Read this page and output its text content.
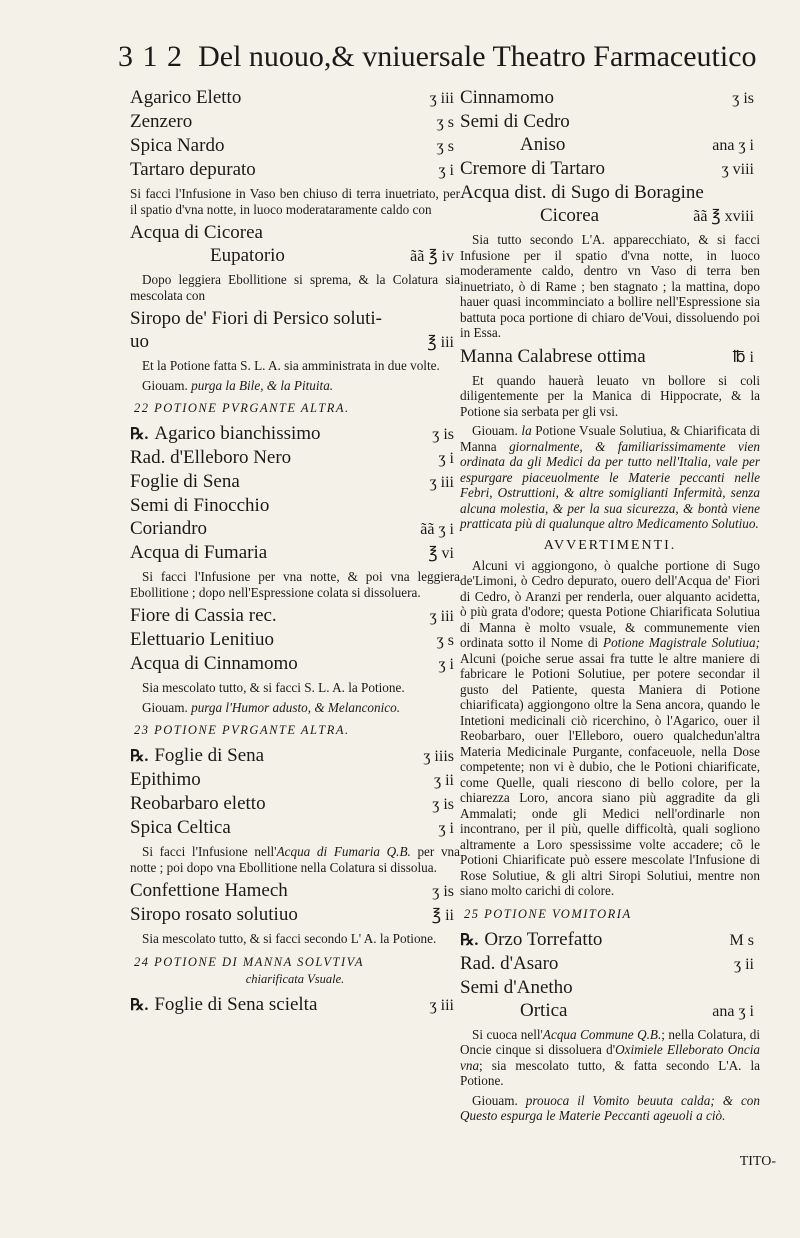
3 1 2 Del nuouo,& vniuersale Theatro Farmaceutico
Agarico Eletto	ʒ iii
Zenzero	ʒ s
Spica Nardo	ʒ s
Tartaro depurato	ʒ i

Si facci l'Infusione in Vaso ben chiuso di terra inuetriato, per il spatio d'vna notte, in luoco moderataramente caldo con

Acqua di Cicorea
Eupatorio	ãã ℥ iv

Dopo leggiera Ebollitione si sprema, & la Colatura sia mescolata con

Siropo de' Fiori di Persico soluti-
uo	℥ iii

Et la Potione fatta S. L. A. sia amministrata in due volte.

Giouam. purga la Bile, & la Pituita.

22 POTIONE PVRGANTE ALTRA.
℞. Agarico bianchissimo	ʒ is
Rad. d'Elleboro Nero	ʒ i
Foglie di Sena	ʒ iii
Semi di Finocchio
Coriandro	ãã ʒ i
Acqua di Fumaria	℥ vi

Si facci l'Infusione per vna notte, & poi vna leggiera Ebollitione ; dopo nell'Espressione colata si dissoluera.

Fiore di Cassia rec.	ʒ iii
Elettuario Lenitiuo	ʒ s
Acqua di Cinnamomo	ʒ i

Sia mescolato tutto, & si facci S. L. A. la Potione.

Giouam. purga l'Humor adusto, & Melanconico.

23 POTIONE PVRGANTE ALTRA.
℞. Foglie di Sena	ʒ iiis
Epithimo	ʒ ii
Reobarbaro eletto	ʒ is
Spica Celtica	ʒ i

Si facci l'Infusione nell'Acqua di Fumaria Q.B. per vna notte ; poi dopo vna Ebollitione nella Colatura si dissolua.

Confettione Hamech	ʒ is
Siropo rosato solutiuo	℥ ii

Sia mescolato tutto, & si facci secondo L' A. la Potione.

24 POTIONE DI MANNA SOLVTIVA
chiarificata Vsuale.
℞. Foglie di Sena scielta	ʒ iii
Cinnamomo	ʒ is
Semi di Cedro
Aniso	ana ʒ i
Cremore di Tartaro	ʒ viii
Acqua dist. di Sugo di Boragine
Cicorea	ãã ℥ xviii

Sia tutto secondo L'A. apparecchiato, & si facci Infusione per il spatio d'vna notte, in luoco moderamente caldo, dentro vn Vaso di terra ben inuetriato, ò di Rame ; ben stagnato ; la mattina, dopo hauer quasi incomminciato a bollire nell'Espressione sia battuta poca portione di chiaro de'Voui, dissoluendo poi in Essa.

Manna Calabrese ottima	℔ i

Et quando hauerà leuato vn bollore si coli diligentemente per la Manica di Hippocrate, & la Potione sia serbata per gli vsi.

Giouam. la Potione Vsuale Solutiua, & Chiarificata di Manna giornalmente, & familiarissimamente vien ordinata da gli Medici da per tutto nell'Italia, vale per espurgare piaceuolmente le Materie peccanti nelle Febri, Ostruttioni, & altre somiglianti Infermità, senza alcuna molestia, & per la sua sicurezza, & bontà viene pratticata più di qualunque altro Medicamento Solutiuo.

AVVERTIMENTI.

Alcuni vi aggiongono, ò qualche portione di Sugo de'Limoni, ò Cedro depurato, ouero dell'Acqua de' Fiori di Cedro, ò Aranzi per renderla, ouer alquanto acidetta, ò più grata d'odore; questa Potione Chiarificata Solutiua di Manna è molto vsuale, & communemente vien ordinata sotto il Nome di Potione Magistrale Solutiua; Alcuni (poiche serue assai fra tutte le altre maniere di fabricare le Potioni Solutiue, per potere secondar il gusto del Patiente, questa Maniera di Potione chiarificata) aggiongono oltre la Sena ancora, quando le Intetioni medicinali ciò ricerchino, ò l'Agarico, ouer il Reobarbaro, ouer l'Elleboro, ouero qualchedun'altra Materia Medicinale Purgante, confaceuole, nella Dose competente; non vi è dubio, che le Potioni chiarificate, come Quelle, quali riescono di bello colore, per la chiarezza Loro, ancora siano più aggradite da gli Ammalati; onde gli Medici nell'ordinarle non incontrano, per il più, quelle difficoltà, quali sogliono altramente a Loro spessissime volte accadere; cõ le Potioni Chiarificate può essere mescolate l'Infusione di Rose Solutiue, & gli altri Siropi Solutiui, mentre non siano molto carichi di colore.

25 POTIONE VOMITORIA
℞. Orzo Torrefatto	M s
Rad. d'Asaro	ʒ ii
Semi d'Anetho
Ortica	ana ʒ i

Si cuoca nell'Acqua Commune Q.B.; nella Colatura, di Oncie cinque si dissoluera d'Oximiele Elleborato Oncia vna; sia mescolato tutto, & fatta secondo L'A. la Potione.

Giouam. prouoca il Vomito beuuta calda; & con Questo espurga le Materie Peccanti ageuoli a ciò.

TITO-
